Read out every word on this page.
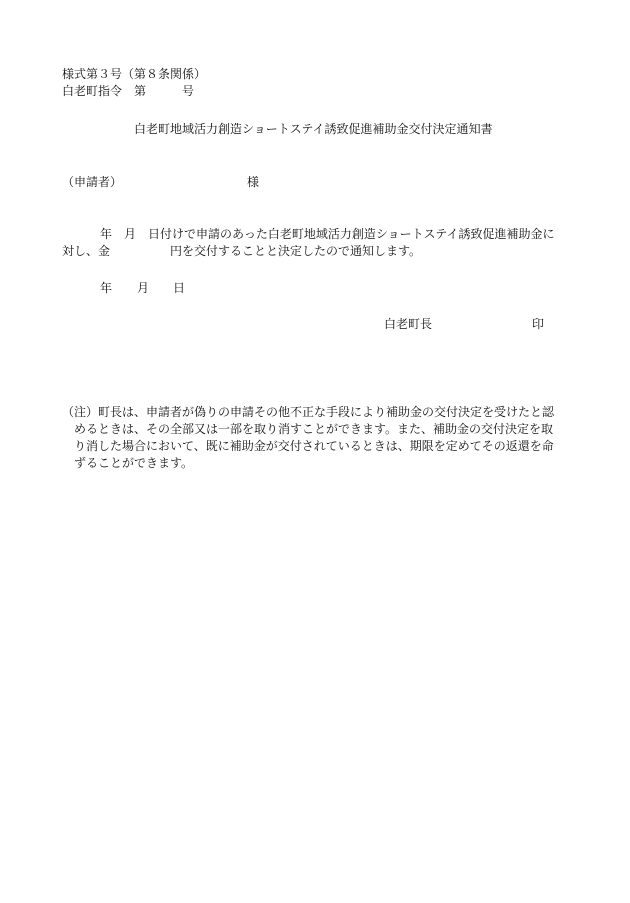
様式第３号（第８条関係）
白老町指令　第　　　号
白老町地域活力創造ショートステイ誘致促進補助金交付決定通知書
（申請者）	様
年　月　日付けで申請のあった白老町地域活力創造ショートステイ誘致促進補助金に
対し、金　　　　　円を交付することと決定したので通知します。
年 月 日
白老町長	印
（注）町長は、申請者が偽りの申請その他不正な手段により補助金の交付決定を受けたと認
めるときは、その全部又は一部を取り消すことができます。また、補助金の交付決定を取
り消した場合において、既に補助金が交付されているときは、期限を定めてその返還を命
ずることができます。
